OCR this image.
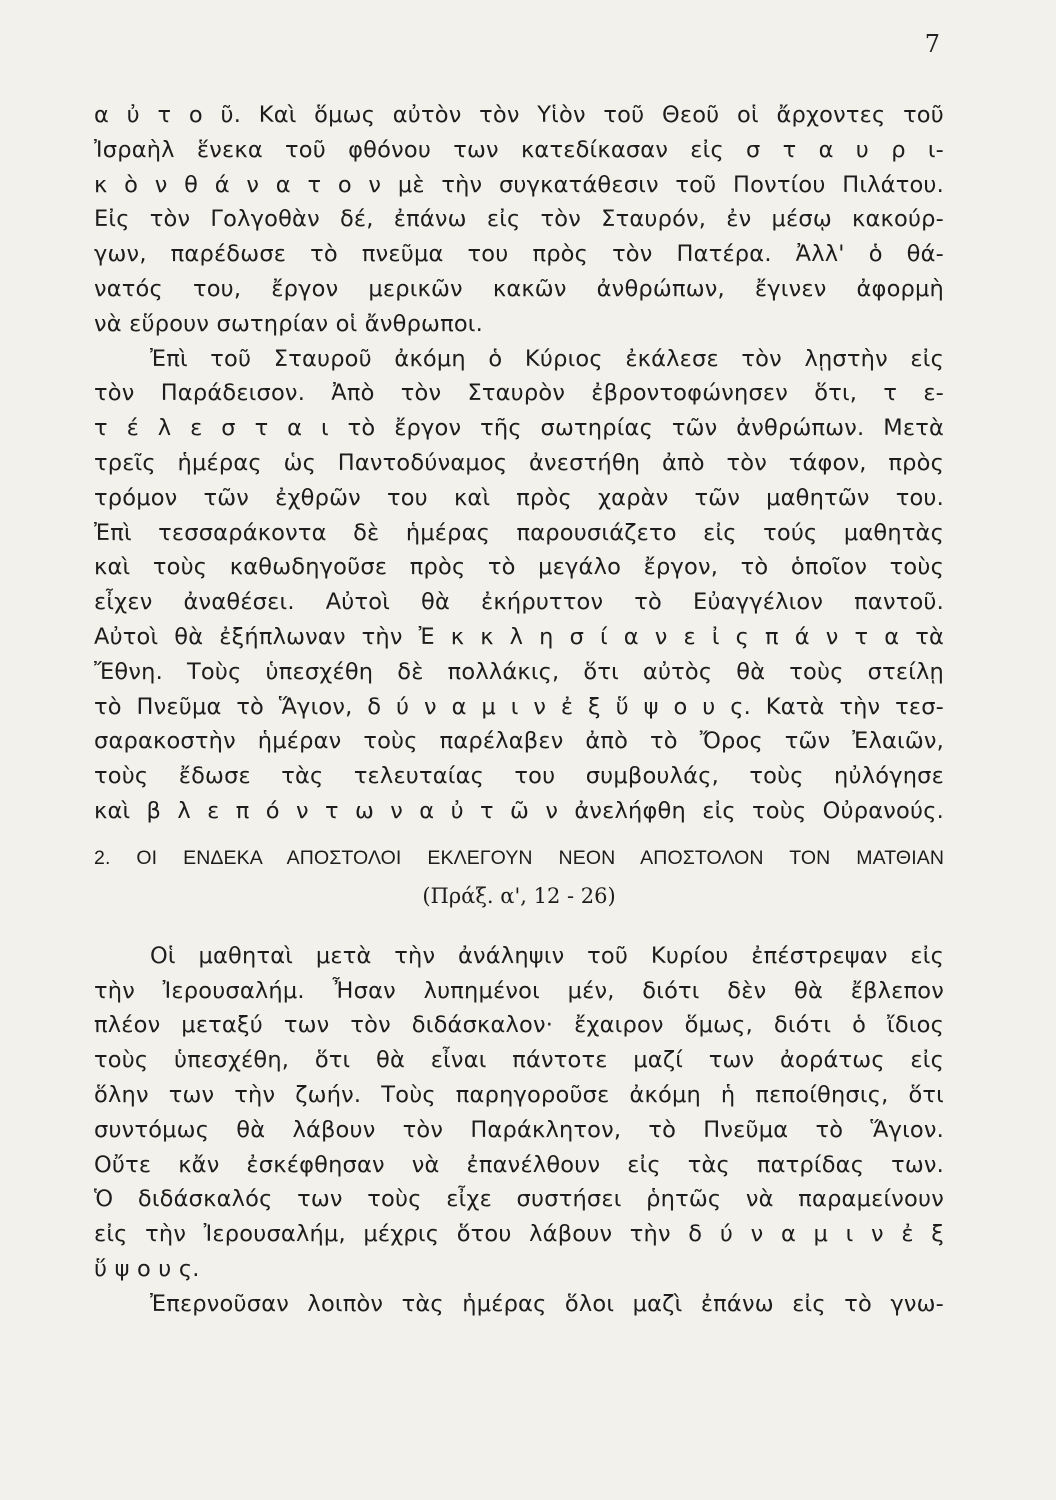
7
α ὐ τ ο ῦ. Καὶ ὅμως αὐτὸν τὸν Υἱὸν τοῦ Θεοῦ οἱ ἄρχοντες τοῦ
Ἰσραὴλ ἕνεκα τοῦ φθόνου των κατεδίκασαν εἰς σ τ α υ ρ ι-
κ ὸ ν θ ά ν α τ ο ν μὲ τὴν συγκατάθεσιν τοῦ Ποντίου Πιλάτου.
Εἰς τὸν Γολγοθὰν δέ, ἐπάνω εἰς τὸν Σταυρόν, ἐν μέσῳ κακούρ-
γων, παρέδωσε τὸ πνεῦμα του πρὸς τὸν Πατέρα. Ἀλλ' ὁ θά-
νατός του, ἔργον μερικῶν κακῶν ἀνθρώπων, ἔγινεν ἀφορμὴ
νὰ εὕρουν σωτηρίαν οἱ ἄνθρωποι.
Ἐπὶ τοῦ Σταυροῦ ἀκόμη ὁ Κύριος ἐκάλεσε τὸν λῃστὴν εἰς
τὸν Παράδεισον. Ἀπὸ τὸν Σταυρὸν ἐβροντοφώνησεν ὅτι, τ ε-
τ έ λ ε σ τ α ι τὸ ἔργον τῆς σωτηρίας τῶν ἀνθρώπων. Μετὰ
τρεῖς ἡμέρας ὡς Παντοδύναμος ἀνεστήθη ἀπὸ τὸν τάφον, πρὸς
τρόμον τῶν ἐχθρῶν του καὶ πρὸς χαρὰν τῶν μαθητῶν του.
Ἐπὶ τεσσαράκοντα δὲ ἡμέρας παρουσιάζετο εἰς τούς μαθητὰς
καὶ τοὺς καθωδηγοῦσε πρὸς τὸ μεγάλο ἔργον, τὸ ὁποῖον τοὺς
εἶχεν ἀναθέσει. Αὐτοὶ θὰ ἐκήρυττον τὸ Εὐαγγέλιον παντοῦ.
Αὐτοὶ θὰ ἐξήπλωναν τὴν Ἐ κ κ λ η σ ί α ν ε ἰ ς π ά ν τ α τὰ
Ἔθνη. Τοὺς ὑπεσχέθη δὲ πολλάκις, ὅτι αὐτὸς θὰ τοὺς στείλῃ
τὸ Πνεῦμα τὸ Ἅγιον, δ ύ ν α μ ι ν ἐ ξ ὕ ψ ο υ ς. Κατὰ τὴν τεσ-
σαρακοστὴν ἡμέραν τοὺς παρέλαβεν ἀπὸ τὸ Ὄρος τῶν Ἐλαιῶν,
τοὺς ἔδωσε τὰς τελευταίας του συμβουλάς, τοὺς ηὐλόγησε
καὶ β λ ε π ό ν τ ω ν α ὐ τ ῶ ν ἀνελήφθη εἰς τοὺς Οὐρανούς.
2. ΟΙ ΕΝΔΕΚΑ ΑΠΟΣΤΟΛΟΙ ΕΚΛΕΓΟΥΝ ΝΕΟΝ ΑΠΟΣΤΟΛΟΝ ΤΟΝ ΜΑΤΘΙΑΝ
(Πράξ. α', 12 - 26)
Οἱ μαθηταὶ μετὰ τὴν ἀνάληψιν τοῦ Κυρίου ἐπέστρεψαν εἰς
τὴν Ἰερουσαλήμ. Ἦσαν λυπημένοι μέν, διότι δὲν θὰ ἔβλεπον
πλέον μεταξύ των τὸν διδάσκαλον· ἔχαιρον ὅμως, διότι ὁ ἴδιος
τοὺς ὑπεσχέθη, ὅτι θὰ εἶναι πάντοτε μαζί των ἀοράτως εἰς
ὅλην των τὴν ζωήν. Τοὺς παρηγοροῦσε ἀκόμη ἡ πεποίθησις, ὅτι
συντόμως θὰ λάβουν τὸν Παράκλητον, τὸ Πνεῦμα τὸ Ἅγιον.
Οὔτε κἄν ἐσκέφθησαν νὰ ἐπανέλθουν εἰς τὰς πατρίδας των.
Ὁ διδάσκαλός των τοὺς εἶχε συστήσει ῥητῶς νὰ παραμείνουν
εἰς τὴν Ἰερουσαλήμ, μέχρις ὅτου λάβουν τὴν δ ύ ν α μ ι ν ἐ ξ
ὕ ψ ο υ ς.
Ἐπερνοῦσαν λοιπὸν τὰς ἡμέρας ὅλοι μαζὶ ἐπάνω εἰς τὸ γνω-
